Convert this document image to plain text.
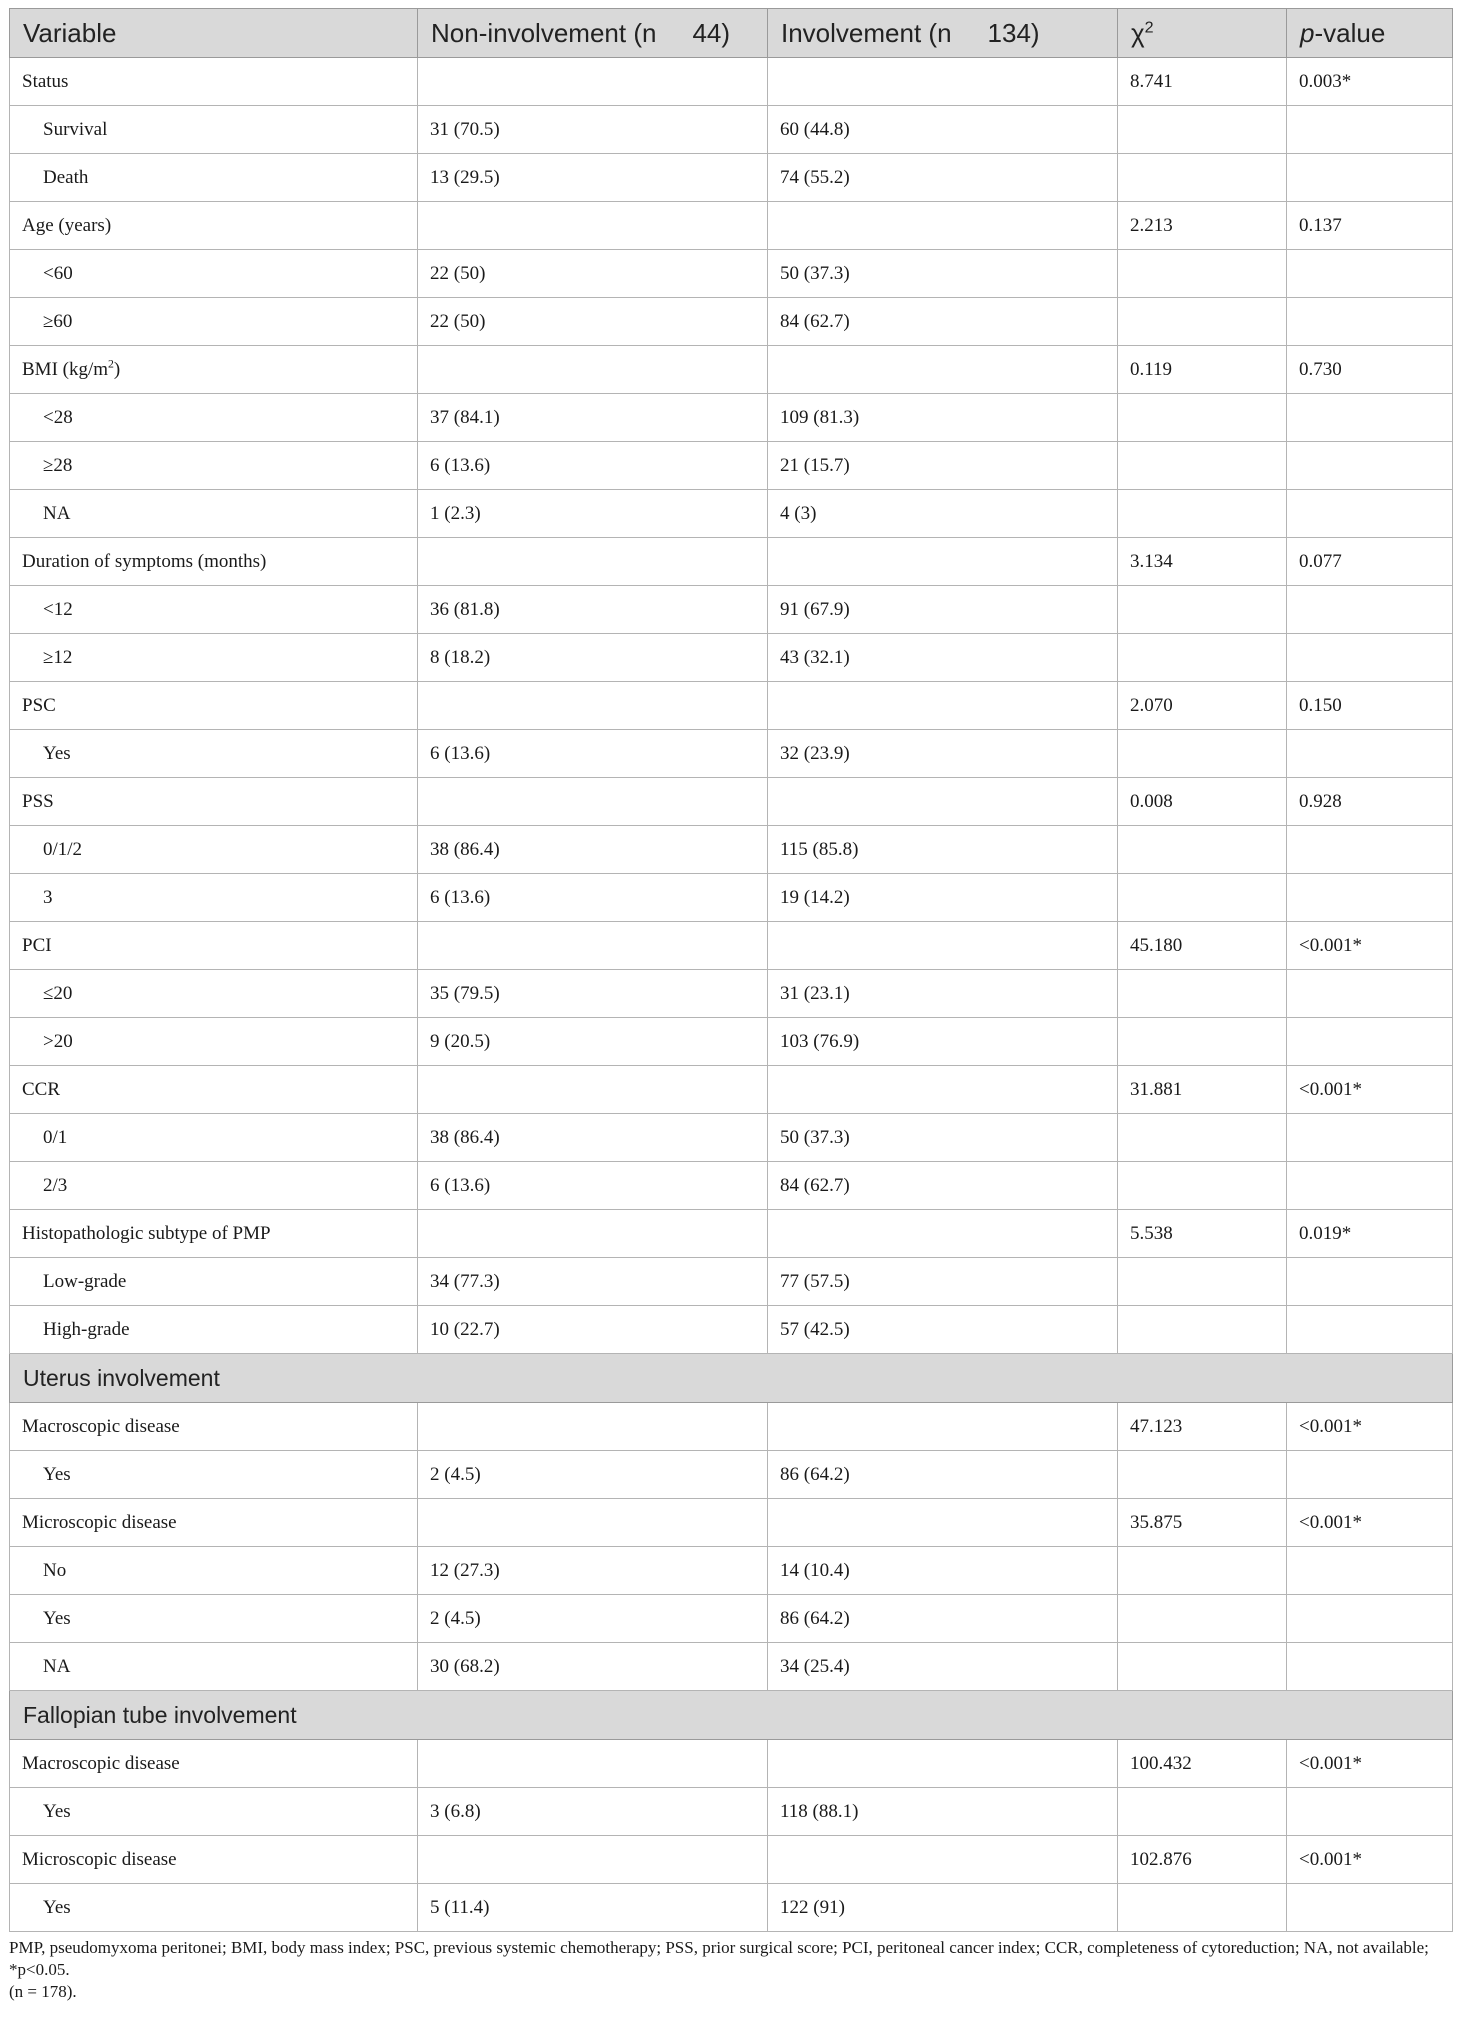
Variable	Non-involvement (n 44)	Involvement (n 134)	$\chi^2$	p-value
Status			8.741	0.003*
Survival	31 (70.5)	60 (44.8)		
Death	13 (29.5)	74 (55.2)		
Age (years)			2.213	0.137
<60	22 (50)	50 (37.3)		
≥60	22 (50)	84 (62.7)		
BMI $(kg/m^2)$			0.119	0.730
<28	37 (84.1)	109 (81.3)		
≥28	6 (13.6)	21 (15.7)		
NA	1 (2.3)	4 (3)		
Duration of symptoms (months)			3.134	0.077
<12	36 (81.8)	91 (67.9)		
≥12	8 (18.2)	43 (32.1)		
PSC			2.070	0.150
Yes	6 (13.6)	32 (23.9)		
PSS			0.008	0.928
0/1/2	38 (86.4)	115 (85.8)		
3	6 (13.6)	19 (14.2)		
PCI			45.180	<0.001*
≤20	35 (79.5)	31 (23.1)		
>20	9 (20.5)	103 (76.9)		
CCR			31.881	<0.001*
0/1	38 (86.4)	50 (37.3)		
2/3	6 (13.6)	84 (62.7)		
Histopathologic subtype of PMP			5.538	0.019*
Low-grade	34 (77.3)	77 (57.5)		
High-grade	10 (22.7)	57 (42.5)		
Uterus involvement				
Macroscopic disease			47.123	<0.001*
Yes	2 (4.5)	86 (64.2)		
Microscopic disease			35.875	<0.001*
No	12 (27.3)	14 (10.4)		
Yes	2 (4.5)	86 (64.2)		
NA	30 (68.2)	34 (25.4)		
Fallopian tube involvement				
Macroscopic disease			100.432	<0.001*
Yes	3 (6.8)	118 (88.1)		
Microscopic disease			102.876	<0.001*
Yes	5 (11.4)	122 (91)		
PMP, pseudomyxoma peritonei; BMI, body mass index; PSC, previous systemic chemotherapy; PSS, prior surgical score; PCI, peritoneal cancer index; CCR, completeness of cytoreduction; NA, not available; *p<0.05.
(n = 178).
